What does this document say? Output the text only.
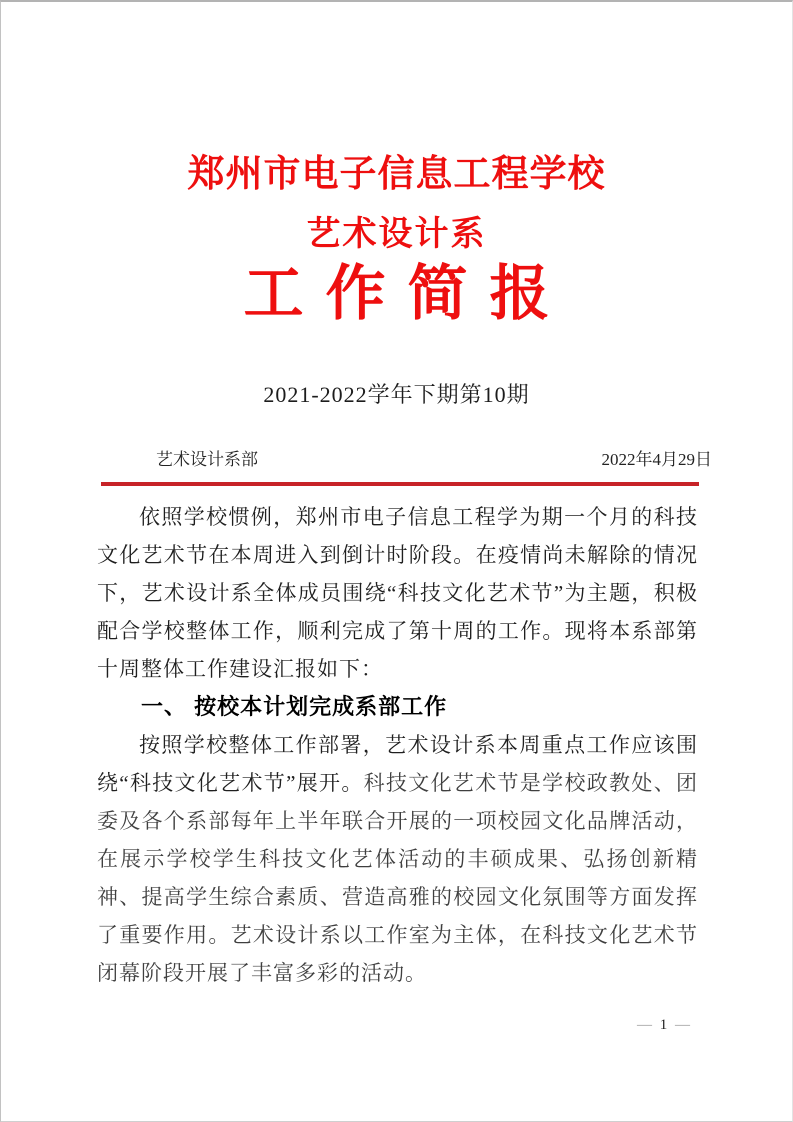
郑州市电子信息工程学校
艺术设计系
工作简报
2021-2022学年下期第10期
艺术设计系部	2022年4月29日

依照学校惯例，郑州市电子信息工程学为期一个月的科技文化艺术节在本周进入到倒计时阶段。在疫情尚未解除的情况下，艺术设计系全体成员围绕“科技文化艺术节”为主题，积极配合学校整体工作，顺利完成了第十周的工作。现将本系部第十周整体工作建设汇报如下：

一、 按校本计划完成系部工作

按照学校整体工作部署，艺术设计系本周重点工作应该围绕“科技文化艺术节”展开。科技文化艺术节是学校政教处、团委及各个系部每年上半年联合开展的一项校园文化品牌活动，在展示学校学生科技文化艺体活动的丰硕成果、弘扬创新精神、提高学生综合素质、营造高雅的校园文化氛围等方面发挥了重要作用。艺术设计系以工作室为主体，在科技文化艺术节闭幕阶段开展了丰富多彩的活动。

— 1 —
